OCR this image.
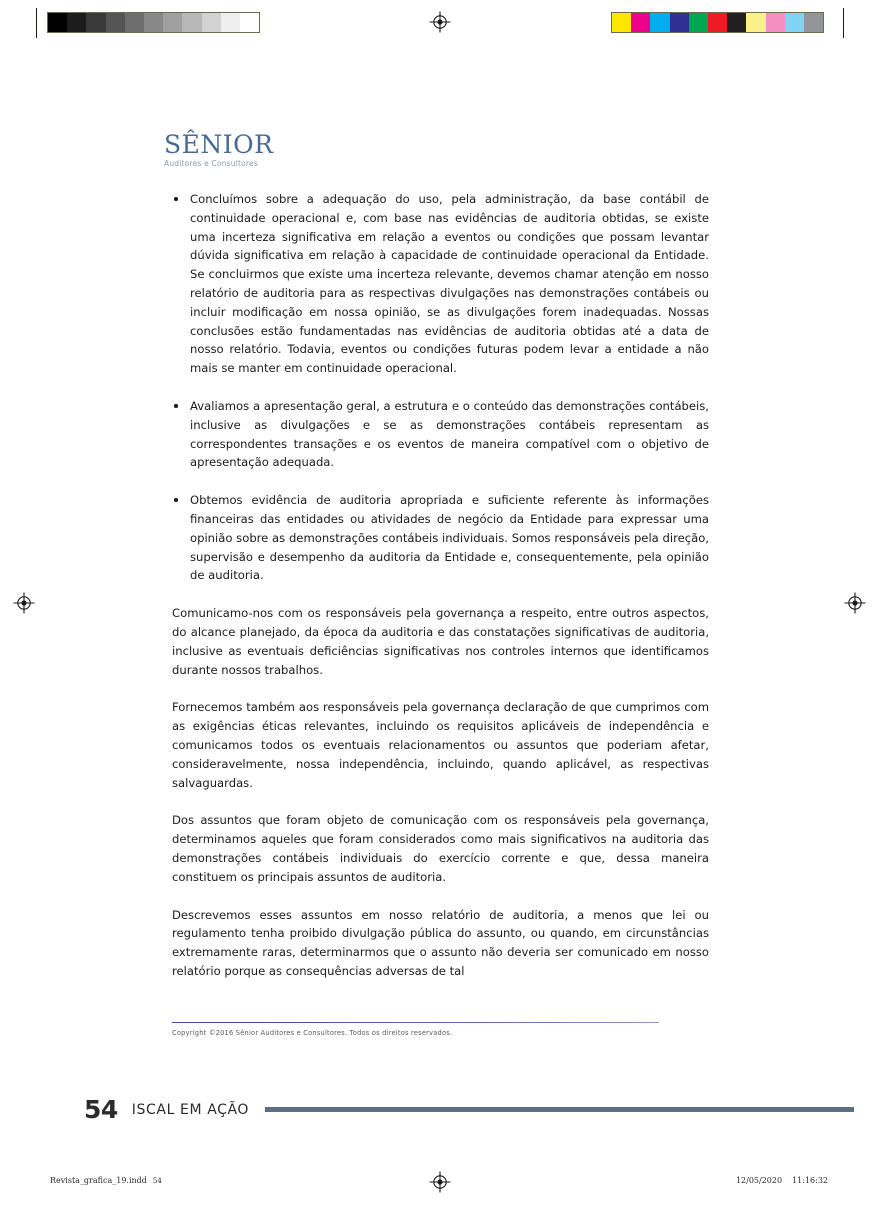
SÊNIOR
Auditores e Consultores
Concluímos sobre a adequação do uso, pela administração, da base contábil de continuidade operacional e, com base nas evidências de auditoria obtidas, se existe uma incerteza significativa em relação a eventos ou condições que possam levantar dúvida significativa em relação à capacidade de continuidade operacional da Entidade. Se concluirmos que existe uma incerteza relevante, devemos chamar atenção em nosso relatório de auditoria para as respectivas divulgações nas demonstrações contábeis ou incluir modificação em nossa opinião, se as divulgações forem inadequadas. Nossas conclusões estão fundamentadas nas evidências de auditoria obtidas até a data de nosso relatório. Todavia, eventos ou condições futuras podem levar a entidade a não mais se manter em continuidade operacional.
Avaliamos a apresentação geral, a estrutura e o conteúdo das demonstrações contábeis, inclusive as divulgações e se as demonstrações contábeis representam as correspondentes transações e os eventos de maneira compatível com o objetivo de apresentação adequada.
Obtemos evidência de auditoria apropriada e suficiente referente às informações financeiras das entidades ou atividades de negócio da Entidade para expressar uma opinião sobre as demonstrações contábeis individuais. Somos responsáveis pela direção, supervisão e desempenho da auditoria da Entidade e, consequentemente, pela opinião de auditoria.
Comunicamo-nos com os responsáveis pela governança a respeito, entre outros aspectos, do alcance planejado, da época da auditoria e das constatações significativas de auditoria, inclusive as eventuais deficiências significativas nos controles internos que identificamos durante nossos trabalhos.
Fornecemos também aos responsáveis pela governança declaração de que cumprimos com as exigências éticas relevantes, incluindo os requisitos aplicáveis de independência e comunicamos todos os eventuais relacionamentos ou assuntos que poderiam afetar, consideravelmente, nossa independência, incluindo, quando aplicável, as respectivas salvaguardas.
Dos assuntos que foram objeto de comunicação com os responsáveis pela governança, determinamos aqueles que foram considerados como mais significativos na auditoria das demonstrações contábeis individuais do exercício corrente e que, dessa maneira constituem os principais assuntos de auditoria.
Descrevemos esses assuntos em nosso relatório de auditoria, a menos que lei ou regulamento tenha proibido divulgação pública do assunto, ou quando, em circunstâncias extremamente raras, determinarmos que o assunto não deveria ser comunicado em nosso relatório porque as consequências adversas de tal
Copyright ©2016 Sênior Auditores e Consultores. Todos os direitos reservados.
54 ISCAL EM AÇÃO
Revista_grafica_19.indd 54	12/05/2020 11:16:32
